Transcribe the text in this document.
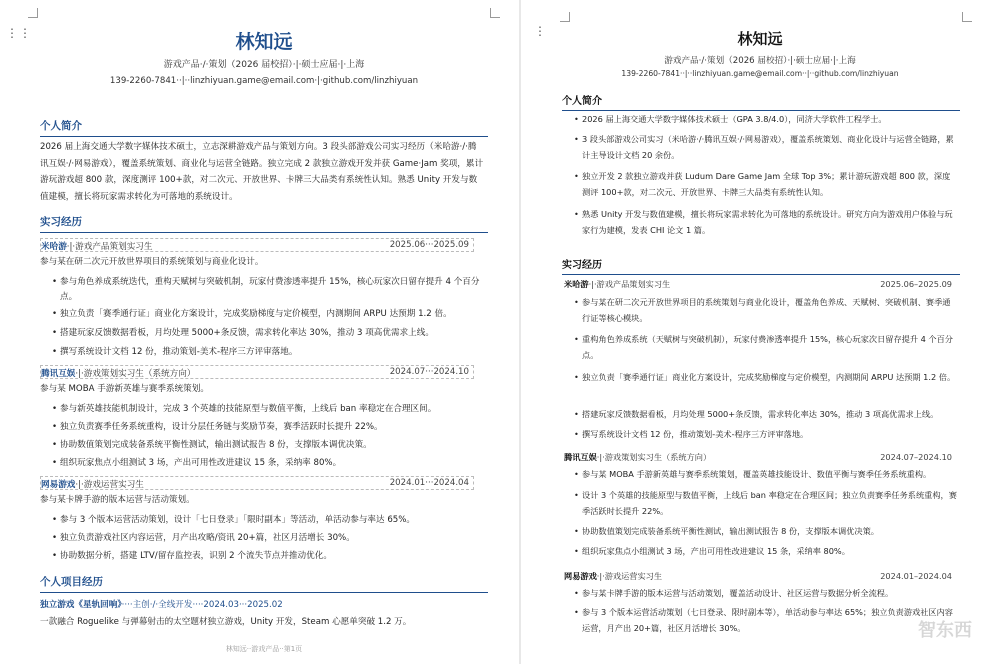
林知远
游戏产品·/·策划（2026 届校招）·|·硕士应届·|·上海
139-2260-7841··|··linzhiyuan.game@email.com·|·github.com/linzhiyuan
个人简介
2026 届上海交通大学数字媒体技术硕士，立志深耕游戏产品与策划方向。3 段头部游戏公司实习经历（米哈游·/·腾讯互娱·/·网易游戏），覆盖系统策划、商业化与运营全链路。独立完成 2 款独立游戏开发并获 Game·Jam 奖项，累计游玩游戏超 800 款，深度测评 100+款，对二次元、开放世界、卡牌三大品类有系统性认知。熟悉 Unity 开发与数值建模，擅长将玩家需求转化为可落地的系统设计。
实习经历
米哈游·|·游戏产品策划实习生	2025.06···2025.09
参与某在研二次元开放世界项目的系统策划与商业化设计。
• 参与角色养成系统迭代，重构天赋树与突破机制，玩家付费渗透率提升 15%，核心玩家次日留存提升 4 个百分点。
• 独立负责「赛季通行证」商业化方案设计，完成奖励梯度与定价模型，内测期间 ARPU 达预期 1.2 倍。
• 搭建玩家反馈数据看板，月均处理 5000+条反馈，需求转化率达 30%，推动 3 项高优需求上线。
• 撰写系统设计文档 12 份，推动策划-美术-程序三方评审落地。
腾讯互娱·|·游戏策划实习生（系统方向）	2024.07···2024.10
参与某 MOBA 手游新英雄与赛季系统策划。
• 参与新英雄技能机制设计，完成 3 个英雄的技能原型与数值平衡，上线后 ban 率稳定在合理区间。
• 独立负责赛季任务系统重构，设计分层任务链与奖励节奏，赛季活跃时长提升 22%。
• 协助数值策划完成装备系统平衡性测试，输出测试报告 8 份，支撑版本调优决策。
• 组织玩家焦点小组测试 3 场，产出可用性改进建议 15 条，采纳率 80%。
网易游戏·|·游戏运营实习生	2024.01···2024.04
参与某卡牌手游的版本运营与活动策划。
• 参与 3 个版本运营活动策划，设计「七日登录」「限时副本」等活动，单活动参与率达 65%。
• 独立负责游戏社区内容运营，月产出攻略/资讯 20+篇，社区月活增长 30%。
• 协助数据分析，搭建 LTV/留存监控表，识别 2 个流失节点并推动优化。
个人项目经历
独立游戏《星轨回响》····主创·/·全线开发····2024.03···2025.02
一款融合 Roguelike 与弹幕射击的太空题材独立游戏，Unity 开发，Steam 心愿单突破 1.2 万。
林知远··游戏产品··第1页
⋮⋮	⋮	林知远
游戏产品·/·策划（2026 届校招）·|·硕士应届·|·上海
139-2260-7841··|··linzhiyuan.game@email.com··|··github.com/linzhiyuan
个人简介
• 2026 届上海交通大学数字媒体技术硕士（GPA 3.8/4.0），同济大学软件工程学士。
• 3 段头部游戏公司实习（米哈游·/·腾讯互娱·/·网易游戏），覆盖系统策划、商业化设计与运营全链路，累计主导设计文档 20 余份。
• 独立开发 2 款独立游戏并获 Ludum Dare Game Jam 全球 Top 3%；累计游玩游戏超 800 款，深度测评 100+款，对二次元、开放世界、卡牌三大品类有系统性认知。
• 熟悉 Unity 开发与数值建模，擅长将玩家需求转化为可落地的系统设计。研究方向为游戏用户体验与玩家行为建模，发表 CHI 论文 1 篇。
实习经历
米哈游·|·游戏产品策划实习生	2025.06–2025.09
• 参与某在研二次元开放世界项目的系统策划与商业化设计，覆盖角色养成、天赋树、突破机制、赛季通行证等核心模块。
• 重构角色养成系统（天赋树与突破机制），玩家付费渗透率提升 15%，核心玩家次日留存提升 4 个百分点。
• 独立负责「赛季通行证」商业化方案设计，完成奖励梯度与定价模型，内测期间 ARPU 达预期 1.2 倍。
• 搭建玩家反馈数据看板，月均处理 5000+条反馈，需求转化率达 30%，推动 3 项高优需求上线。
• 撰写系统设计文档 12 份，推动策划-美术-程序三方评审落地。
腾讯互娱·|·游戏策划实习生（系统方向）	2024.07–2024.10
• 参与某 MOBA 手游新英雄与赛季系统策划，覆盖英雄技能设计、数值平衡与赛季任务系统重构。
• 设计 3 个英雄的技能原型与数值平衡，上线后 ban 率稳定在合理区间；独立负责赛季任务系统重构，赛季活跃时长提升 22%。
• 协助数值策划完成装备系统平衡性测试，输出测试报告 8 份，支撑版本调优决策。
• 组织玩家焦点小组测试 3 场，产出可用性改进建议 15 条，采纳率 80%。
网易游戏·|·游戏运营实习生	2024.01–2024.04
• 参与某卡牌手游的版本运营与活动策划，覆盖活动设计、社区运营与数据分析全流程。
• 参与 3 个版本运营活动策划（七日登录、限时副本等），单活动参与率达 65%；独立负责游戏社区内容运营，月产出 20+篇，社区月活增长 30%。	智东西
